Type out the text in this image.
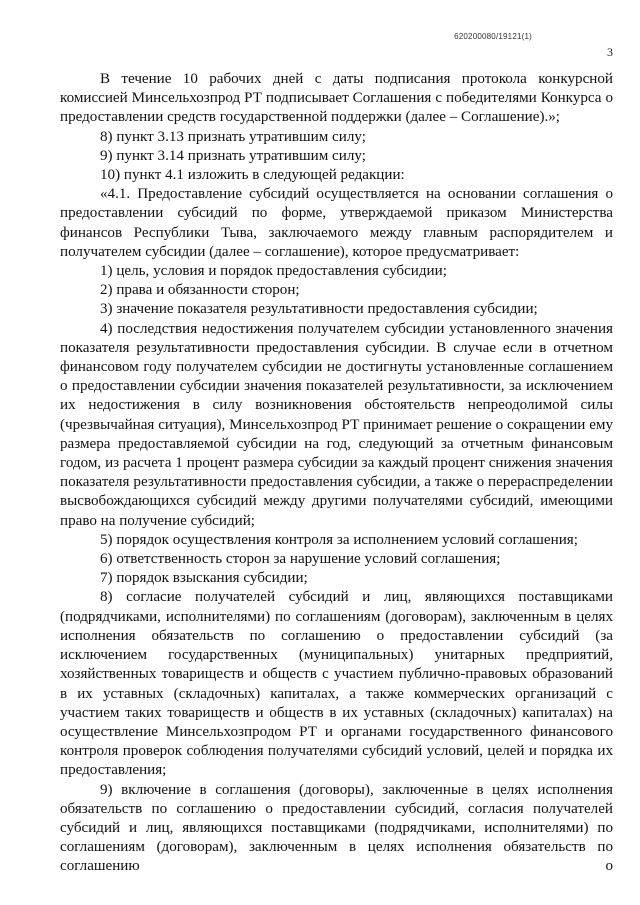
620200080/19121(1)
3

В течение 10 рабочих дней с даты подписания протокола конкурсной комиссией Минсельхозпрод РТ подписывает Соглашения с победителями Конкурса о предоставлении средств государственной поддержки (далее – Соглашение).»;

8) пункт 3.13 признать утратившим силу;

9) пункт 3.14 признать утратившим силу;

10) пункт 4.1 изложить в следующей редакции:

«4.1. Предоставление субсидий осуществляется на основании соглашения о предоставлении субсидий по форме, утверждаемой приказом Министерства финансов Республики Тыва, заключаемого между главным распорядителем и получателем субсидии (далее – соглашение), которое предусматривает:

1) цель, условия и порядок предоставления субсидии;

2) права и обязанности сторон;

3) значение показателя результативности предоставления субсидии;

4) последствия недостижения получателем субсидии установленного значения показателя результативности предоставления субсидии. В случае если в отчетном финансовом году получателем субсидии не достигнуты установленные соглашением о предоставлении субсидии значения показателей результативности, за исключением их недостижения в силу возникновения обстоятельств непреодолимой силы (чрезвычайная ситуация), Минсельхозпрод РТ принимает решение о сокращении ему размера предоставляемой субсидии на год, следующий за отчетным финансовым годом, из расчета 1 процент размера субсидии за каждый процент снижения значения показателя результативности предоставления субсидии, а также о перераспределении высвобождающихся субсидий между другими получателями субсидий, имеющими право на получение субсидий;

5) порядок осуществления контроля за исполнением условий соглашения;

6) ответственность сторон за нарушение условий соглашения;

7) порядок взыскания субсидии;

8) согласие получателей субсидий и лиц, являющихся поставщиками (подрядчиками, исполнителями) по соглашениям (договорам), заключенным в целях исполнения обязательств по соглашению о предоставлении субсидий (за исключением государственных (муниципальных) унитарных предприятий, хозяйственных товариществ и обществ с участием публично-правовых образований в их уставных (складочных) капиталах, а также коммерческих организаций с участием таких товариществ и обществ в их уставных (складочных) капиталах) на осуществление Минсельхозпродом РТ и органами государственного финансового контроля проверок соблюдения получателями субсидий условий, целей и порядка их предоставления;

9) включение в соглашения (договоры), заключенные в целях исполнения обязательств по соглашению о предоставлении субсидий, согласия получателей субсидий и лиц, являющихся поставщиками (подрядчиками, исполнителями) по соглашениям (договорам), заключенным в целях исполнения обязательств по соглашению о
